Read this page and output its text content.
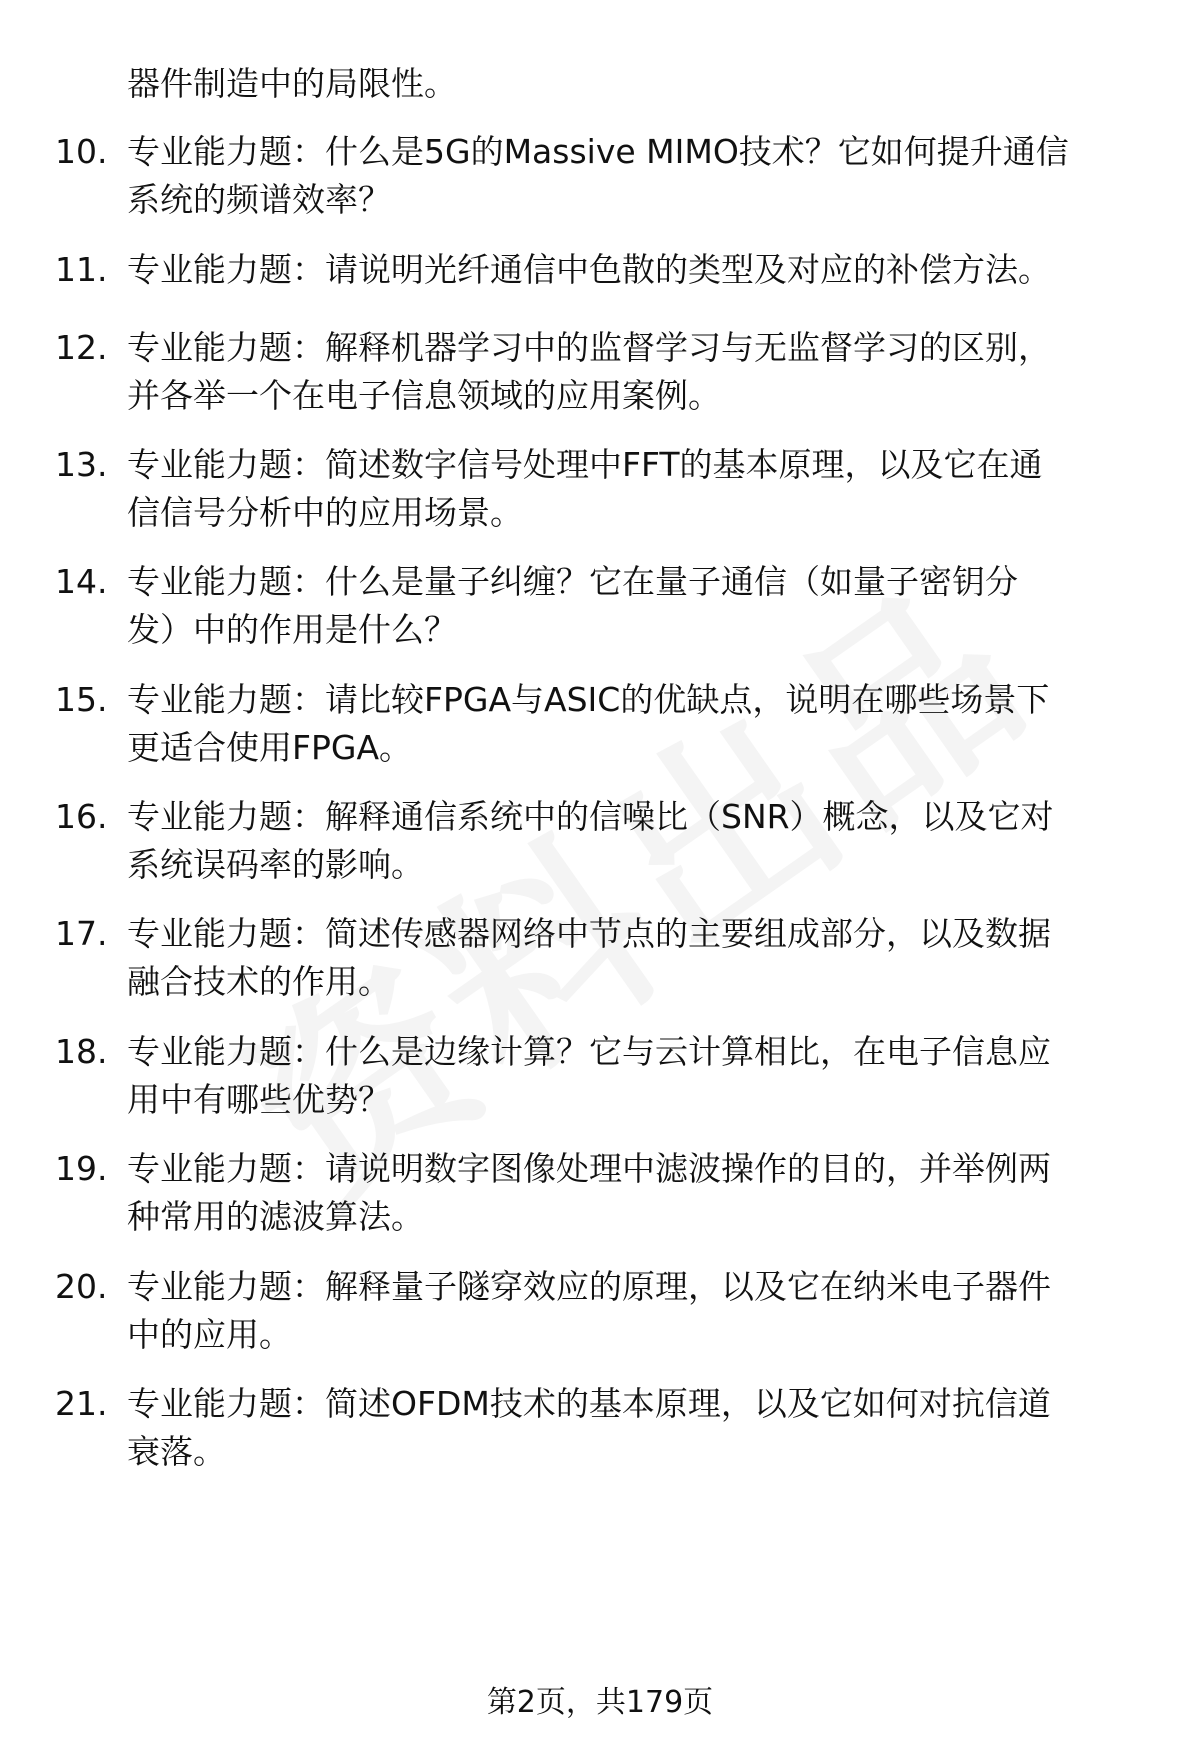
器件制造中的局限性。
10. 专业能力题：什么是5G的Massive MIMO技术？它如何提升通信
系统的频谱效率？
11. 专业能力题：请说明光纤通信中色散的类型及对应的补偿方法。
12. 专业能力题：解释机器学习中的监督学习与无监督学习的区别，
并各举一个在电子信息领域的应用案例。
13. 专业能力题：简述数字信号处理中FFT的基本原理，以及它在通
信信号分析中的应用场景。
14. 专业能力题：什么是量子纠缠？它在量子通信（如量子密钥分
发）中的作用是什么？
15. 专业能力题：请比较FPGA与ASIC的优缺点，说明在哪些场景下
更适合使用FPGA。
16. 专业能力题：解释通信系统中的信噪比（SNR）概念，以及它对
系统误码率的影响。
17. 专业能力题：简述传感器网络中节点的主要组成部分，以及数据
融合技术的作用。
18. 专业能力题：什么是边缘计算？它与云计算相比，在电子信息应
用中有哪些优势？
19. 专业能力题：请说明数字图像处理中滤波操作的目的，并举例两
种常用的滤波算法。
20. 专业能力题：解释量子隧穿效应的原理，以及它在纳米电子器件
中的应用。
21. 专业能力题：简述OFDM技术的基本原理，以及它如何对抗信道
衰落。
第2页，共179页
